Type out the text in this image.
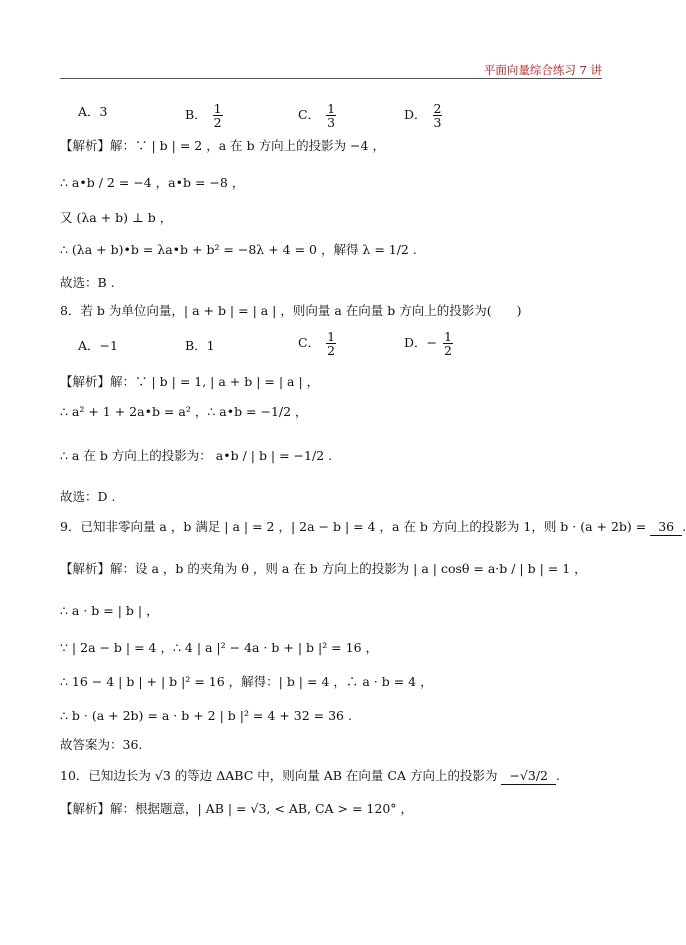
平面向量综合练习 7 讲
A．3	B． $\frac{1}{2}$	C． $\frac{1}{3}$	D． $\frac{2}{3}$
【解析】解：∵ | b | = 2 ，a 在 b 方向上的投影为 −4 ，
∴ a•b / 2 = −4 ，a•b = −8 ，
又 (λa + b) ⊥ b ，
∴ (λa + b)•b = λa•b + b² = −8λ + 4 = 0 ，解得 λ = 1/2 .
故选：B .
8．若 b 为单位向量，| a + b | = | a | ，则向量 a 在向量 b 方向上的投影为(　　)
A．−1	B．1	C． $\frac{1}{2}$	D．− $\frac{1}{2}$
【解析】解：∵ | b | = 1, | a + b | = | a | ，
∴ a² + 1 + 2a•b = a² ，∴ a•b = −1/2 ，
∴ a 在 b 方向上的投影为： a•b / | b | = −1/2 .
故选：D .
9．已知非零向量 a ，b 满足 | a | = 2 ，| 2a − b | = 4 ，a 在 b 方向上的投影为 1，则 b · (a + 2b) = 36 .
【解析】解：设 a ，b 的夹角为 θ ，则 a 在 b 方向上的投影为 | a | cosθ = a·b / | b | = 1 ，
∴ a · b = | b | ，
∵ | 2a − b | = 4 ，∴ 4 | a |² − 4a · b + | b |² = 16 ，
∴ 16 − 4 | b | + | b |² = 16 ，解得：| b | = 4 ，∴ a · b = 4 ，
∴ b · (a + 2b) = a · b + 2 | b |² = 4 + 32 = 36 .
故答案为：36.
10．已知边长为 √3 的等边 ΔABC 中，则向量 AB 在向量 CA 方向上的投影为 −√3/2 .
【解析】解：根据题意，| AB | = √3, < AB, CA > = 120° ，
